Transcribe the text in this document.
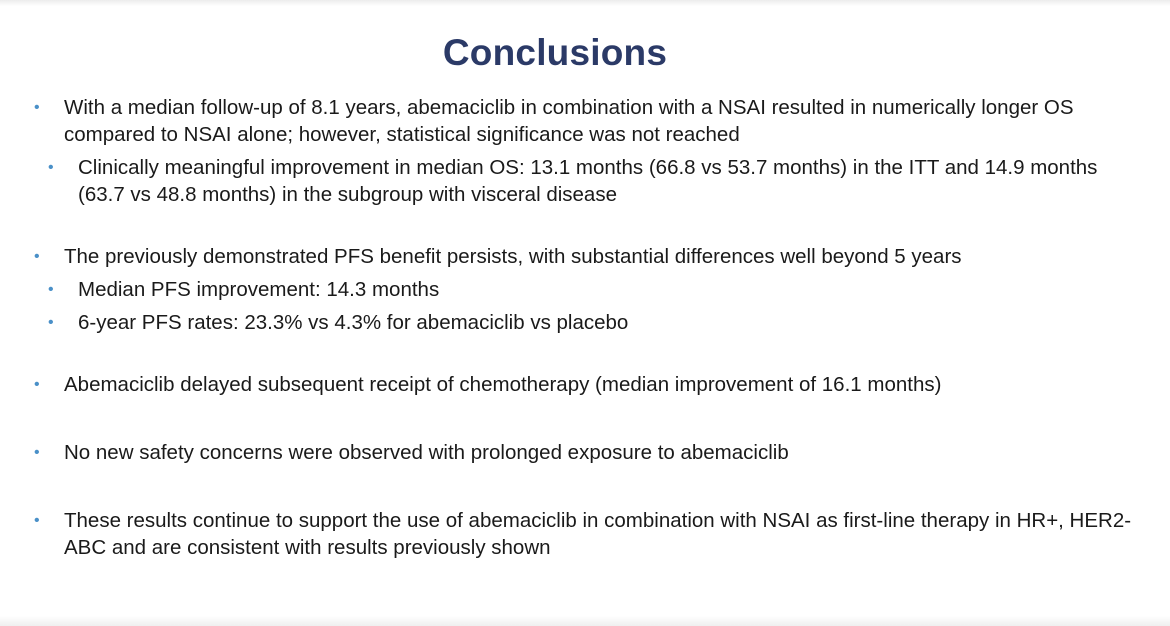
Conclusions
• With a median follow-up of 8.1 years, abemaciclib in combination with a NSAI resulted in numerically longer OS compared to NSAI alone; however, statistical significance was not reached
• Clinically meaningful improvement in median OS: 13.1 months (66.8 vs 53.7 months) in the ITT and 14.9 months (63.7 vs 48.8 months) in the subgroup with visceral disease
• The previously demonstrated PFS benefit persists, with substantial differences well beyond 5 years
• Median PFS improvement: 14.3 months
• 6-year PFS rates: 23.3% vs 4.3% for abemaciclib vs placebo
• Abemaciclib delayed subsequent receipt of chemotherapy (median improvement of 16.1 months)
• No new safety concerns were observed with prolonged exposure to abemaciclib
• These results continue to support the use of abemaciclib in combination with NSAI as first-line therapy in HR+, HER2- ABC and are consistent with results previously shown
